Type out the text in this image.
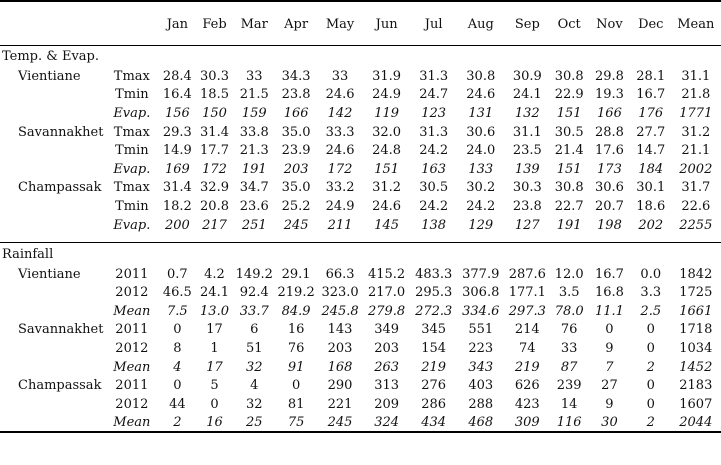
		Jan	Feb	Mar	Apr	May	Jun	Jul	Aug	Sep	Oct	Nov	Dec	Mean
Temp. & Evap.														
Vientiane	Tmax	28.4	30.3	33	34.3	33	31.9	31.3	30.8	30.9	30.8	29.8	28.1	31.1
	Tmin	16.4	18.5	21.5	23.8	24.6	24.9	24.7	24.6	24.1	22.9	19.3	16.7	21.8
	Evap.	156	150	159	166	142	119	123	131	132	151	166	176	1771
Savannakhet	Tmax	29.3	31.4	33.8	35.0	33.3	32.0	31.3	30.6	31.1	30.5	28.8	27.7	31.2
	Tmin	14.9	17.7	21.3	23.9	24.6	24.8	24.2	24.0	23.5	21.4	17.6	14.7	21.1
	Evap.	169	172	191	203	172	151	163	133	139	151	173	184	2002
Champassak	Tmax	31.4	32.9	34.7	35.0	33.2	31.2	30.5	30.2	30.3	30.8	30.6	30.1	31.7
	Tmin	18.2	20.8	23.6	25.2	24.9	24.6	24.2	24.2	23.8	22.7	20.7	18.6	22.6
	Evap.	200	217	251	245	211	145	138	129	127	191	198	202	2255

Rainfall														
Vientiane	2011	0.7	4.2	149.2	29.1	66.3	415.2	483.3	377.9	287.6	12.0	16.7	0.0	1842
	2012	46.5	24.1	92.4	219.2	323.0	217.0	295.3	306.8	177.1	3.5	16.8	3.3	1725
	Mean	7.5	13.0	33.7	84.9	245.8	279.8	272.3	334.6	297.3	78.0	11.1	2.5	1661
Savannakhet	2011	0	17	6	16	143	349	345	551	214	76	0	0	1718
	2012	8	1	51	76	203	203	154	223	74	33	9	0	1034
	Mean	4	17	32	91	168	263	219	343	219	87	7	2	1452
Champassak	2011	0	5	4	0	290	313	276	403	626	239	27	0	2183
	2012	44	0	32	81	221	209	286	288	423	14	9	0	1607
	Mean	2	16	25	75	245	324	434	468	309	116	30	2	2044
